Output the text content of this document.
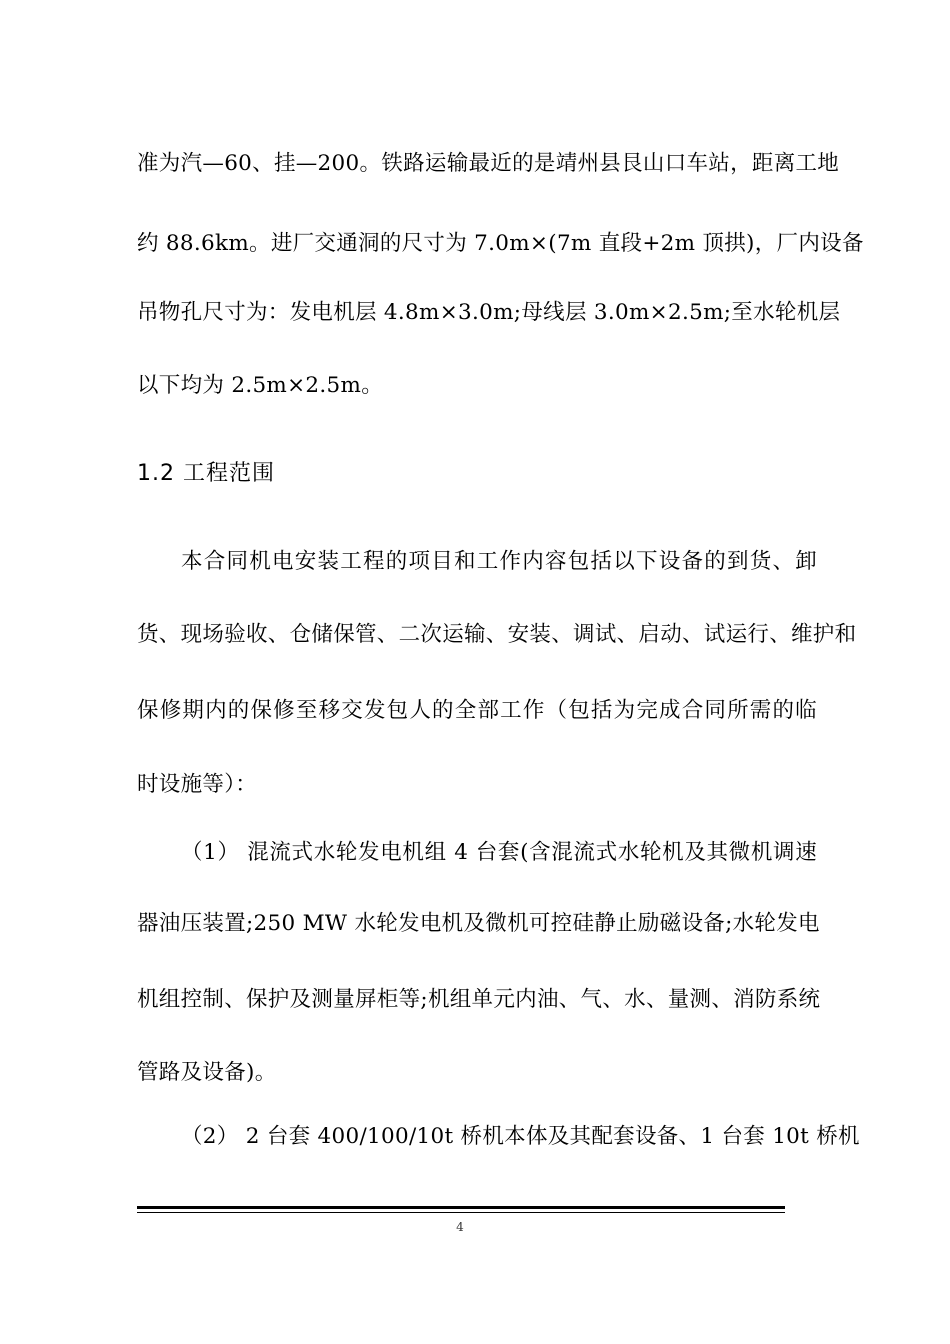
准为汽—60、挂—200。铁路运输最近的是靖州县艮山口车站，距离工地
约 88.6km。进厂交通洞的尺寸为 7.0m×(7m 直段+2m 顶拱)，厂内设备
吊物孔尺寸为：发电机层 4.8m×3.0m;母线层 3.0m×2.5m;至水轮机层
以下均为 2.5m×2.5m。
1.2 工程范围
本合同机电安装工程的项目和工作内容包括以下设备的到货、卸
货、现场验收、仓储保管、二次运输、安装、调试、启动、试运行、维护和
保修期内的保修至移交发包人的全部工作（包括为完成合同所需的临
时设施等）：
（1） 混流式水轮发电机组 4 台套(含混流式水轮机及其微机调速
器油压装置;250 MW 水轮发电机及微机可控硅静止励磁设备;水轮发电
机组控制、保护及测量屏柜等;机组单元内油、气、水、量测、消防系统
管路及设备)。
（2） 2 台套 400/100/10t 桥机本体及其配套设备、1 台套 10t 桥机
4
